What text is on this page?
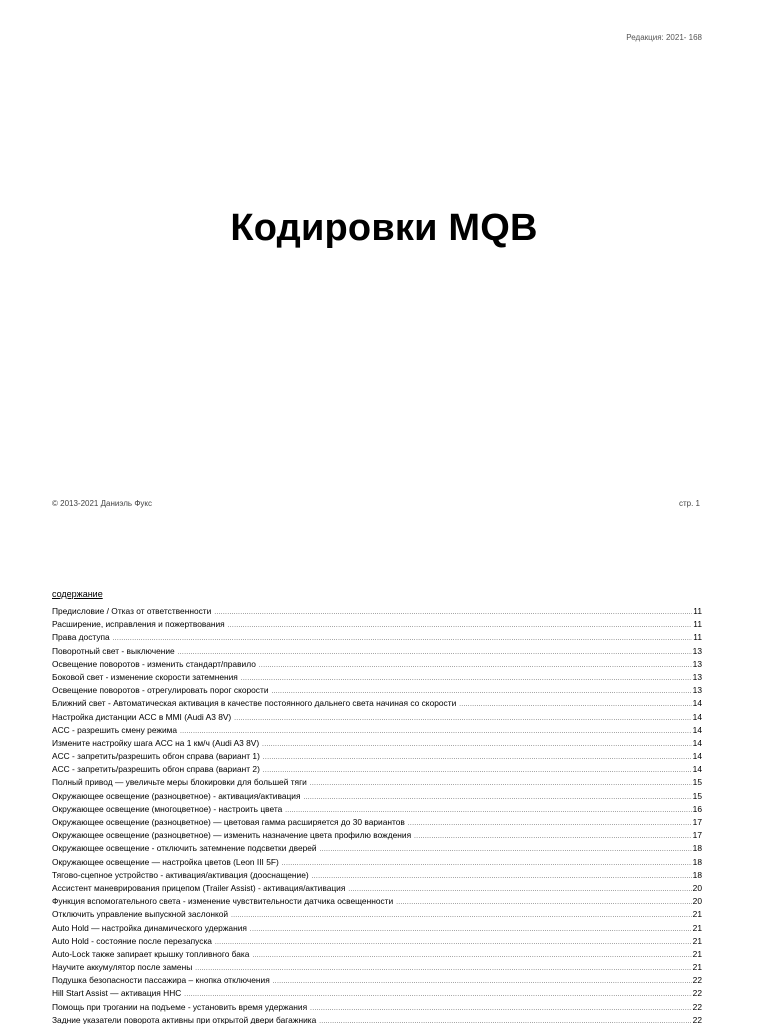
Редакция: 2021- 168
Кодировки MQB
© 2013-2021 Даниэль Фукс	стр. 1
содержание
Предисловие / Отказ от ответственности .....	11
Расширение, исправления и пожертвования .....	11
Права доступа .....	11
Поворотный свет - выключение .....	13
Освещение поворотов - изменить стандарт/правило .....	13
Боковой свет - изменение скорости затемнения .....	13
Освещение поворотов - отрегулировать порог скорости .....	13
Ближний свет - Автоматическая активация в качестве постоянного дальнего света начиная со скорости .....	14
Настройка дистанции ACC в MMI (Audi A3 8V) .....	14
ACC - разрешить смену режима .....	14
Измените настройку шага ACC на 1 км/ч (Audi A3 8V) .....	14
ACC - запретить/разрешить обгон справа (вариант 1) .....	14
ACC - запретить/разрешить обгон справа (вариант 2) .....	14
Полный привод — увеличьте меры блокировки для большей тяги .....	15
Окружающее освещение (разноцветное) - активация/активация .....	15
Окружающее освещение (многоцветное) - настроить цвета .....	16
Окружающее освещение (разноцветное) — цветовая гамма расширяется до 30 вариантов .....	17
Окружающее освещение (разноцветное) — изменить назначение цвета профилю вождения .....	17
Окружающее освещение - отключить затемнение подсветки дверей .....	18
Окружающее освещение — настройка цветов (Leon III 5F) .....	18
Тягово-сцепное устройство - активация/активация (дооснащение) .....	18
Ассистент маневрирования прицепом (Trailer Assist) - активация/активация .....	20
Функция вспомогательного света - изменение чувствительности датчика освещенности .....	20
Отключить управление выпускной заслонкой .....	21
Auto Hold — настройка динамического удержания .....	21
Auto Hold - состояние после перезапуска .....	21
Auto-Lock также запирает крышку топливного бака .....	21
Научите аккумулятор после замены .....	21
Подушка безопасности пассажира – кнопка отключения .....	22
Hill Start Assist — активация HHC .....	22
Помощь при трогании на подъеме - установить время удержания .....	22
Задние указатели поворота активны при открытой двери багажника .....	22
